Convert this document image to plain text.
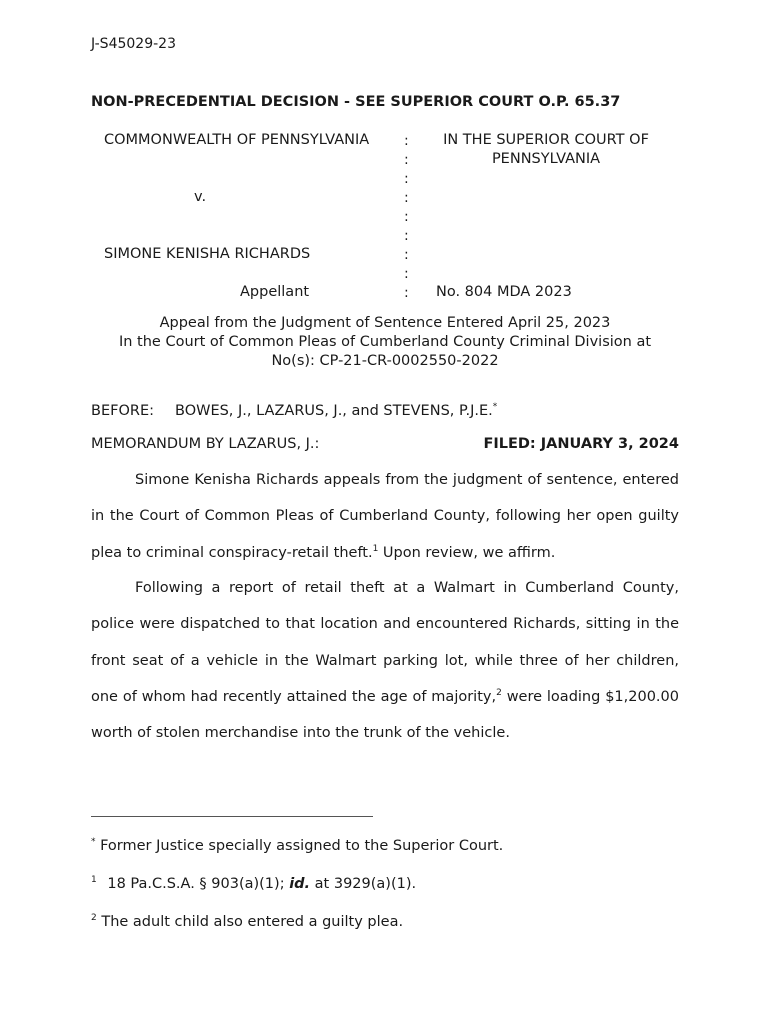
J-S45029-23
NON-PRECEDENTIAL DECISION - SEE SUPERIOR COURT O.P. 65.37
COMMONWEALTH OF PENNSYLVANIA
v.
SIMONE KENISHA RICHARDS
Appellant
:
:
:
:
:
:
:
:
:
IN THE SUPERIOR COURT OF
PENNSYLVANIA
No. 804 MDA 2023
Appeal from the Judgment of Sentence Entered April 25, 2023
In the Court of Common Pleas of Cumberland County Criminal Division at
No(s): CP-21-CR-0002550-2022
BEFORE: BOWES, J., LAZARUS, J., and STEVENS, P.J.E.*
MEMORANDUM BY LAZARUS, J.:	FILED: JANUARY 3, 2024
Simone Kenisha Richards appeals from the judgment of sentence, entered in the Court of Common Pleas of Cumberland County, following her open guilty plea to criminal conspiracy-retail theft.$^1$ Upon review, we affirm.
Following a report of retail theft at a Walmart in Cumberland County, police were dispatched to that location and encountered Richards, sitting in the front seat of a vehicle in the Walmart parking lot, while three of her children, one of whom had recently attained the age of majority,$^2$ were loading $1,200.00 worth of stolen merchandise into the trunk of the vehicle.
* Former Justice specially assigned to the Superior Court.
$^1$ 18 Pa.C.S.A. § 903(a)(1); id. at 3929(a)(1).
$^2$ The adult child also entered a guilty plea.
